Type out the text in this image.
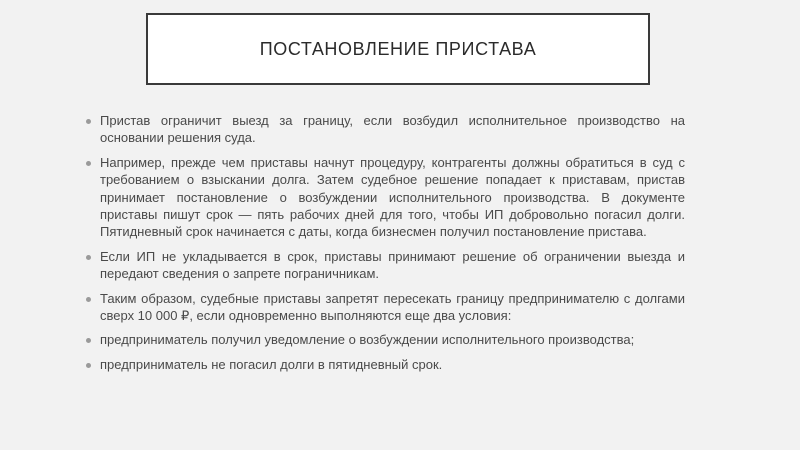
ПОСТАНОВЛЕНИЕ ПРИСТАВА

Пристав ограничит выезд за границу, если возбудил исполнительное производство на основании решения суда.

Например, прежде чем приставы начнут процедуру, контрагенты должны обратиться в суд с требованием о взыскании долга. Затем судебное решение попадает к приставам, пристав принимает постановление о возбуждении исполнительного производства. В документе приставы пишут срок — пять рабочих дней для того, чтобы ИП добровольно погасил долги. Пятидневный срок начинается с даты, когда бизнесмен получил постановление пристава.

Если ИП не укладывается в срок, приставы принимают решение об ограничении выезда и передают сведения о запрете пограничникам.

Таким образом, судебные приставы запретят пересекать границу предпринимателю с долгами сверх 10 000 ₽, если одновременно выполняются еще два условия:

предприниматель получил уведомление о возбуждении исполнительного производства;

предприниматель не погасил долги в пятидневный срок.
